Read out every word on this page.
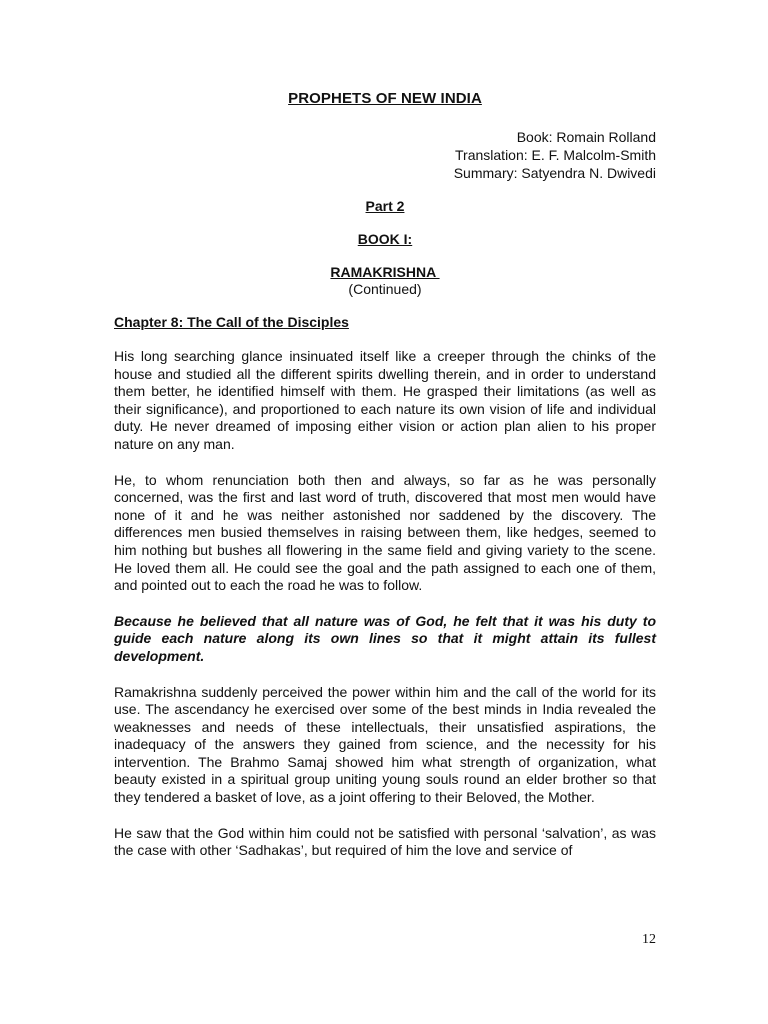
PROPHETS OF NEW INDIA
Book: Romain Rolland
Translation: E. F. Malcolm-Smith
Summary: Satyendra N. Dwivedi
Part 2
BOOK I:
RAMAKRISHNA
(Continued)
Chapter 8: The Call of the Disciples

His long searching glance insinuated itself like a creeper through the chinks of the house and studied all the different spirits dwelling therein, and in order to understand them better, he identified himself with them. He grasped their limitations (as well as their significance), and proportioned to each nature its own vision of life and individual duty. He never dreamed of imposing either vision or action plan alien to his proper nature on any man.

He, to whom renunciation both then and always, so far as he was personally concerned, was the first and last word of truth, discovered that most men would have none of it and he was neither astonished nor saddened by the discovery. The differences men busied themselves in raising between them, like hedges, seemed to him nothing but bushes all flowering in the same field and giving variety to the scene. He loved them all. He could see the goal and the path assigned to each one of them, and pointed out to each the road he was to follow.

Because he believed that all nature was of God, he felt that it was his duty to guide each nature along its own lines so that it might attain its fullest development.

Ramakrishna suddenly perceived the power within him and the call of the world for its use. The ascendancy he exercised over some of the best minds in India revealed the weaknesses and needs of these intellectuals, their unsatisfied aspirations, the inadequacy of the answers they gained from science, and the necessity for his intervention. The Brahmo Samaj showed him what strength of organization, what beauty existed in a spiritual group uniting young souls round an elder brother so that they tendered a basket of love, as a joint offering to their Beloved, the Mother.

He saw that the God within him could not be satisfied with personal ‘salvation’, as was the case with other ‘Sadhakas’, but required of him the love and service of

12
